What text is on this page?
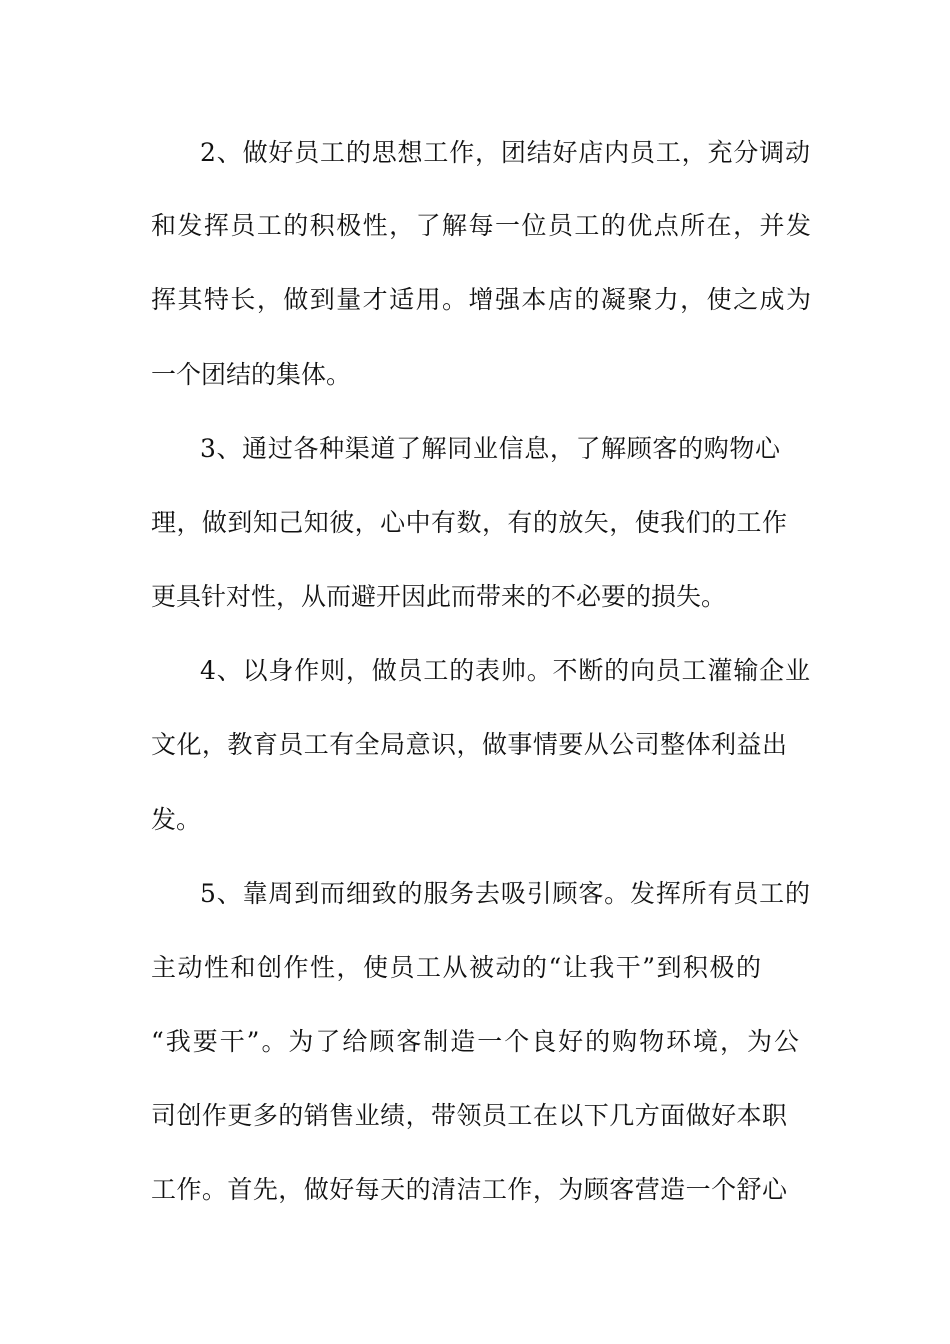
2、做好员工的思想工作，团结好店内员工，充分调动
和发挥员工的积极性，了解每一位员工的优点所在，并发
挥其特长，做到量才适用。增强本店的凝聚力，使之成为
一个团结的集体。
3、通过各种渠道了解同业信息，了解顾客的购物心
理，做到知己知彼，心中有数，有的放矢，使我们的工作
更具针对性，从而避开因此而带来的不必要的损失。
4、以身作则，做员工的表帅。不断的向员工灌输企业
文化，教育员工有全局意识，做事情要从公司整体利益出
发。
5、靠周到而细致的服务去吸引顾客。发挥所有员工的
主动性和创作性，使员工从被动的“让我干”到积极的
“我要干”。为了给顾客制造一个良好的购物环境，为公
司创作更多的销售业绩，带领员工在以下几方面做好本职
工作。首先，做好每天的清洁工作，为顾客营造一个舒心
